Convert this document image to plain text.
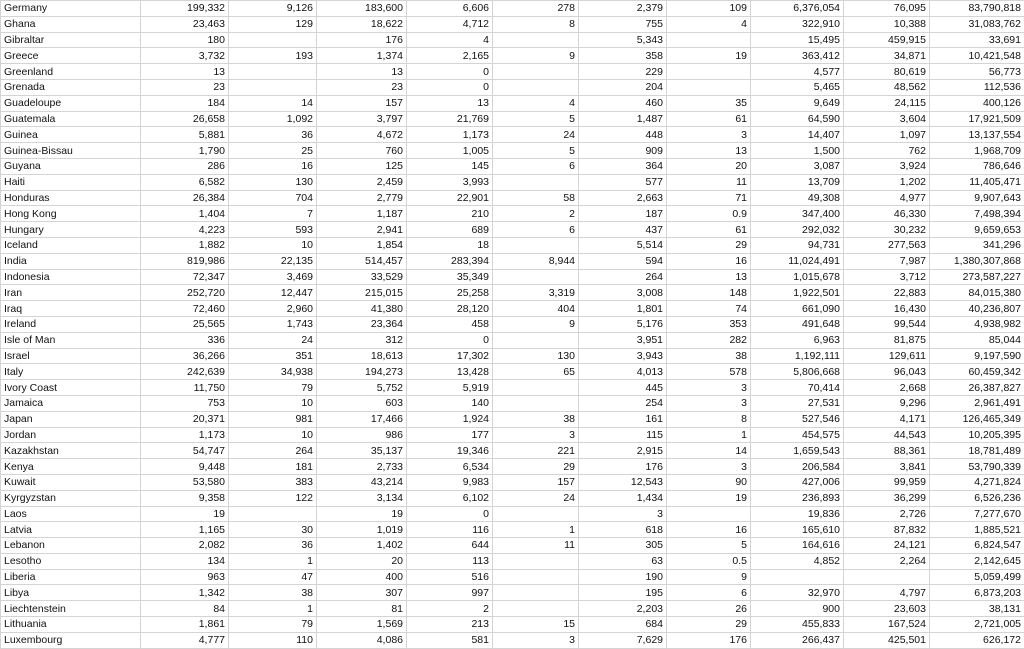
Germany	199,332	9,126	183,600	6,606	278	2,379	109	6,376,054	76,095	83,790,818
Ghana	23,463	129	18,622	4,712	8	755	4	322,910	10,388	31,083,762
Gibraltar	180		176	4		5,343		15,495	459,915	33,691
Greece	3,732	193	1,374	2,165	9	358	19	363,412	34,871	10,421,548
Greenland	13		13	0		229		4,577	80,619	56,773
Grenada	23		23	0		204		5,465	48,562	112,536
Guadeloupe	184	14	157	13	4	460	35	9,649	24,115	400,126
Guatemala	26,658	1,092	3,797	21,769	5	1,487	61	64,590	3,604	17,921,509
Guinea	5,881	36	4,672	1,173	24	448	3	14,407	1,097	13,137,554
Guinea-Bissau	1,790	25	760	1,005	5	909	13	1,500	762	1,968,709
Guyana	286	16	125	145	6	364	20	3,087	3,924	786,646
Haiti	6,582	130	2,459	3,993		577	11	13,709	1,202	11,405,471
Honduras	26,384	704	2,779	22,901	58	2,663	71	49,308	4,977	9,907,643
Hong Kong	1,404	7	1,187	210	2	187	0.9	347,400	46,330	7,498,394
Hungary	4,223	593	2,941	689	6	437	61	292,032	30,232	9,659,653
Iceland	1,882	10	1,854	18		5,514	29	94,731	277,563	341,296
India	819,986	22,135	514,457	283,394	8,944	594	16	11,024,491	7,987	1,380,307,868
Indonesia	72,347	3,469	33,529	35,349		264	13	1,015,678	3,712	273,587,227
Iran	252,720	12,447	215,015	25,258	3,319	3,008	148	1,922,501	22,883	84,015,380
Iraq	72,460	2,960	41,380	28,120	404	1,801	74	661,090	16,430	40,236,807
Ireland	25,565	1,743	23,364	458	9	5,176	353	491,648	99,544	4,938,982
Isle of Man	336	24	312	0		3,951	282	6,963	81,875	85,044
Israel	36,266	351	18,613	17,302	130	3,943	38	1,192,111	129,611	9,197,590
Italy	242,639	34,938	194,273	13,428	65	4,013	578	5,806,668	96,043	60,459,342
Ivory Coast	11,750	79	5,752	5,919		445	3	70,414	2,668	26,387,827
Jamaica	753	10	603	140		254	3	27,531	9,296	2,961,491
Japan	20,371	981	17,466	1,924	38	161	8	527,546	4,171	126,465,349
Jordan	1,173	10	986	177	3	115	1	454,575	44,543	10,205,395
Kazakhstan	54,747	264	35,137	19,346	221	2,915	14	1,659,543	88,361	18,781,489
Kenya	9,448	181	2,733	6,534	29	176	3	206,584	3,841	53,790,339
Kuwait	53,580	383	43,214	9,983	157	12,543	90	427,006	99,959	4,271,824
Kyrgyzstan	9,358	122	3,134	6,102	24	1,434	19	236,893	36,299	6,526,236
Laos	19		19	0		3		19,836	2,726	7,277,670
Latvia	1,165	30	1,019	116	1	618	16	165,610	87,832	1,885,521
Lebanon	2,082	36	1,402	644	11	305	5	164,616	24,121	6,824,547
Lesotho	134	1	20	113		63	0.5	4,852	2,264	2,142,645
Liberia	963	47	400	516		190	9			5,059,499
Libya	1,342	38	307	997		195	6	32,970	4,797	6,873,203
Liechtenstein	84	1	81	2		2,203	26	900	23,603	38,131
Lithuania	1,861	79	1,569	213	15	684	29	455,833	167,524	2,721,005
Luxembourg	4,777	110	4,086	581	3	7,629	176	266,437	425,501	626,172
